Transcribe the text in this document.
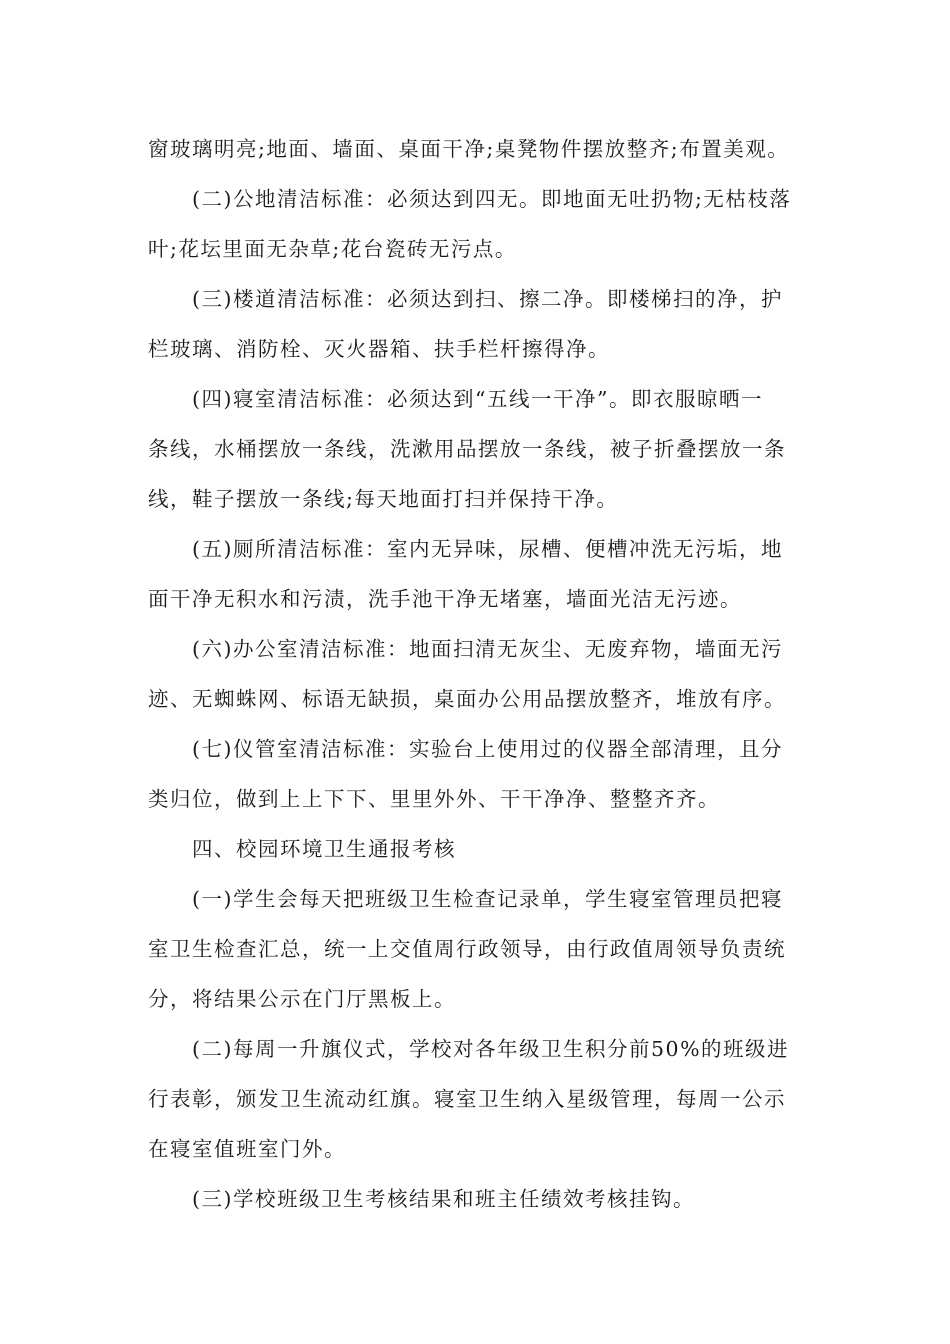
窗玻璃明亮;地面、墙面、桌面干净;桌凳物件摆放整齐;布置美观。
(二)公地清洁标准：必须达到四无。即地面无吐扔物;无枯枝落
叶;花坛里面无杂草;花台瓷砖无污点。
(三)楼道清洁标准：必须达到扫、擦二净。即楼梯扫的净，护
栏玻璃、消防栓、灭火器箱、扶手栏杆擦得净。
(四)寝室清洁标准：必须达到“五线一干净”。即衣服晾晒一
条线，水桶摆放一条线，洗漱用品摆放一条线，被子折叠摆放一条
线，鞋子摆放一条线;每天地面打扫并保持干净。
(五)厕所清洁标准：室内无异味，尿槽、便槽冲洗无污垢，地
面干净无积水和污渍，洗手池干净无堵塞，墙面光洁无污迹。
(六)办公室清洁标准：地面扫清无灰尘、无废弃物，墙面无污
迹、无蜘蛛网、标语无缺损，桌面办公用品摆放整齐，堆放有序。
(七)仪管室清洁标准：实验台上使用过的仪器全部清理，且分
类归位，做到上上下下、里里外外、干干净净、整整齐齐。
四、校园环境卫生通报考核
(一)学生会每天把班级卫生检查记录单，学生寝室管理员把寝
室卫生检查汇总，统一上交值周行政领导，由行政值周领导负责统
分，将结果公示在门厅黑板上。
(二)每周一升旗仪式，学校对各年级卫生积分前50%的班级进
行表彰，颁发卫生流动红旗。寝室卫生纳入星级管理，每周一公示
在寝室值班室门外。
(三)学校班级卫生考核结果和班主任绩效考核挂钩。
